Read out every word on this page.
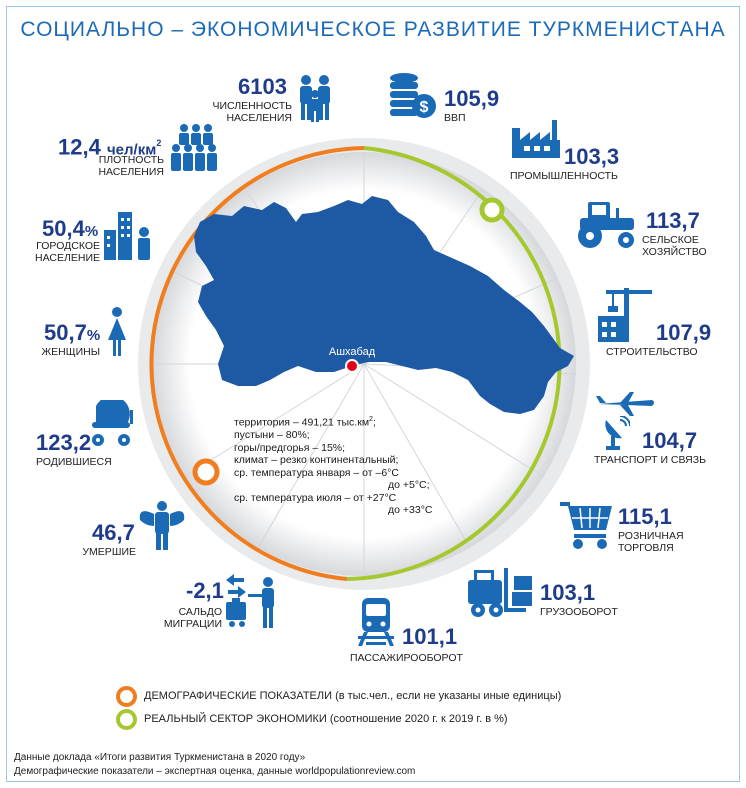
СОЦИАЛЬНО – ЭКОНОМИЧЕСКОЕ РАЗВИТИЕ ТУРКМЕНИСТАНА
Ашхабад
$
6103
ЧИСЛЕННОСТЬ
НАСЕЛЕНИЯ
12,4 чел/$км^2$
ПЛОТНОСТЬ
НАСЕЛЕНИЯ
50,4%
ГОРОДСКОЕ
НАСЕЛЕНИЕ
50,7%
ЖЕНЩИНЫ
123,2
РОДИВШИЕСЯ
46,7
УМЕРШИЕ
-2,1
САЛЬДО
МИГРАЦИИ
105,9
ВВП
103,3
ПРОМЫШЛЕННОСТЬ
113,7
СЕЛЬСКОЕ
ХОЗЯЙСТВО
107,9
СТРОИТЕЛЬСТВО
104,7
ТРАНСПОРТ И СВЯЗЬ
115,1
РОЗНИЧНАЯ
ТОРГОВЛЯ
103,1
ГРУЗООБОРОТ
101,1
ПАССАЖИРООБОРОТ
территория – 491,21 $тыс.км^2$;
пустыни – 80%;
горы/предгорья – 15%;
климат – резко континентальный;
ср. температура января – от –6°С
до +5°С;
ср. температура июля – от +27°С
до +33°С
ДЕМОГРАФИЧЕСКИЕ ПОКАЗАТЕЛИ (в тыс.чел., если не указаны иные единицы)
РЕАЛЬНЫЙ СЕКТОР ЭКОНОМИКИ (соотношение 2020 г. к 2019 г. в %)
Данные доклада «Итоги развития Туркменистана в 2020 году»
Демографические показатели – экспертная оценка, данные worldpopulationreview.com
